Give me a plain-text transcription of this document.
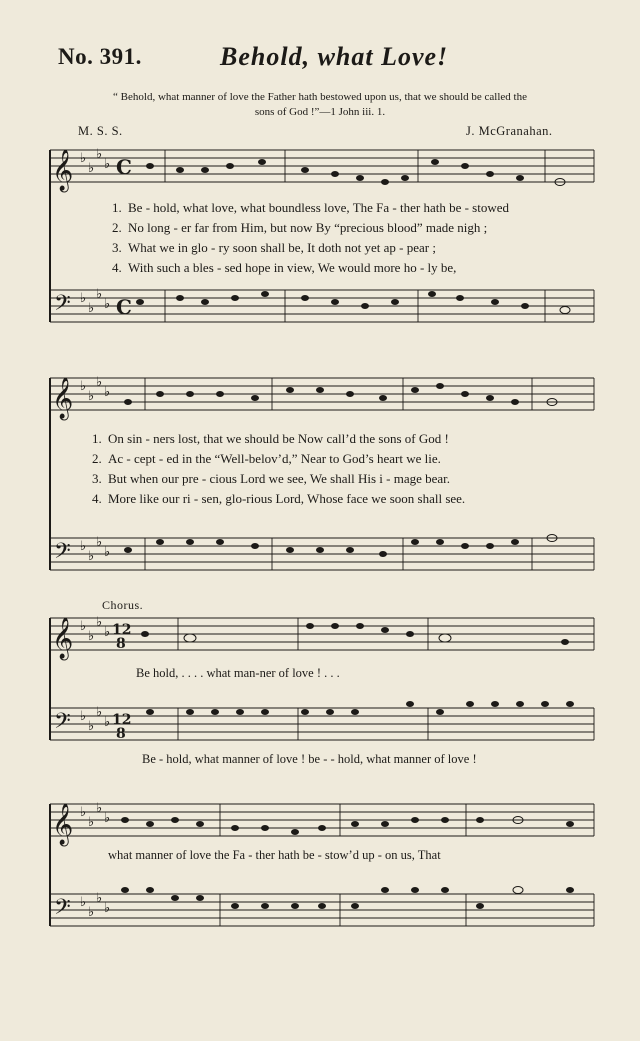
No. 391.	Behold, what Love!
“ Behold, what manner of love the Father hath bestowed upon us, that we should be called the
sons of God !”—1 John iii. 1.
M. S. S.	J. McGranahan.
𝄞
𝄢
𝄞
𝄢
𝄞
𝄢
𝄞
𝄢
♭
♭
♭
♭
♭
♭
♭
♭
♭
♭
♭
♭
♭
♭
♭
♭
♭
♭
♭
♭
♭
♭
♭
♭
♭
♭
♭
♭
♭
♭
♭
♭
C
C
12
8
12
8
1. Be - hold, what love, what boundless love, The Fa - ther hath be - stowed
2. No long - er far from Him, but now By “precious blood” made nigh ;
3. What we in glo - ry soon shall be, It doth not yet ap - pear ;
4. With such a bles - sed hope in view, We would more ho - ly be,
1. On sin - ners lost, that we should be Now call’d the sons of God !
2. Ac - cept - ed in the “Well-belov’d,” Near to God’s heart we lie.
3. But when our pre - cious Lord we see, We shall His i - mage bear.
4. More like our ri - sen, glo-rious Lord, Whose face we soon shall see.
Chorus.
Be hold, . . . . what man-ner of love ! . . .
Be - hold, what manner of love ! be - - hold, what manner of love !
what manner of love the Fa - ther hath be - stow’d up - on us, That
